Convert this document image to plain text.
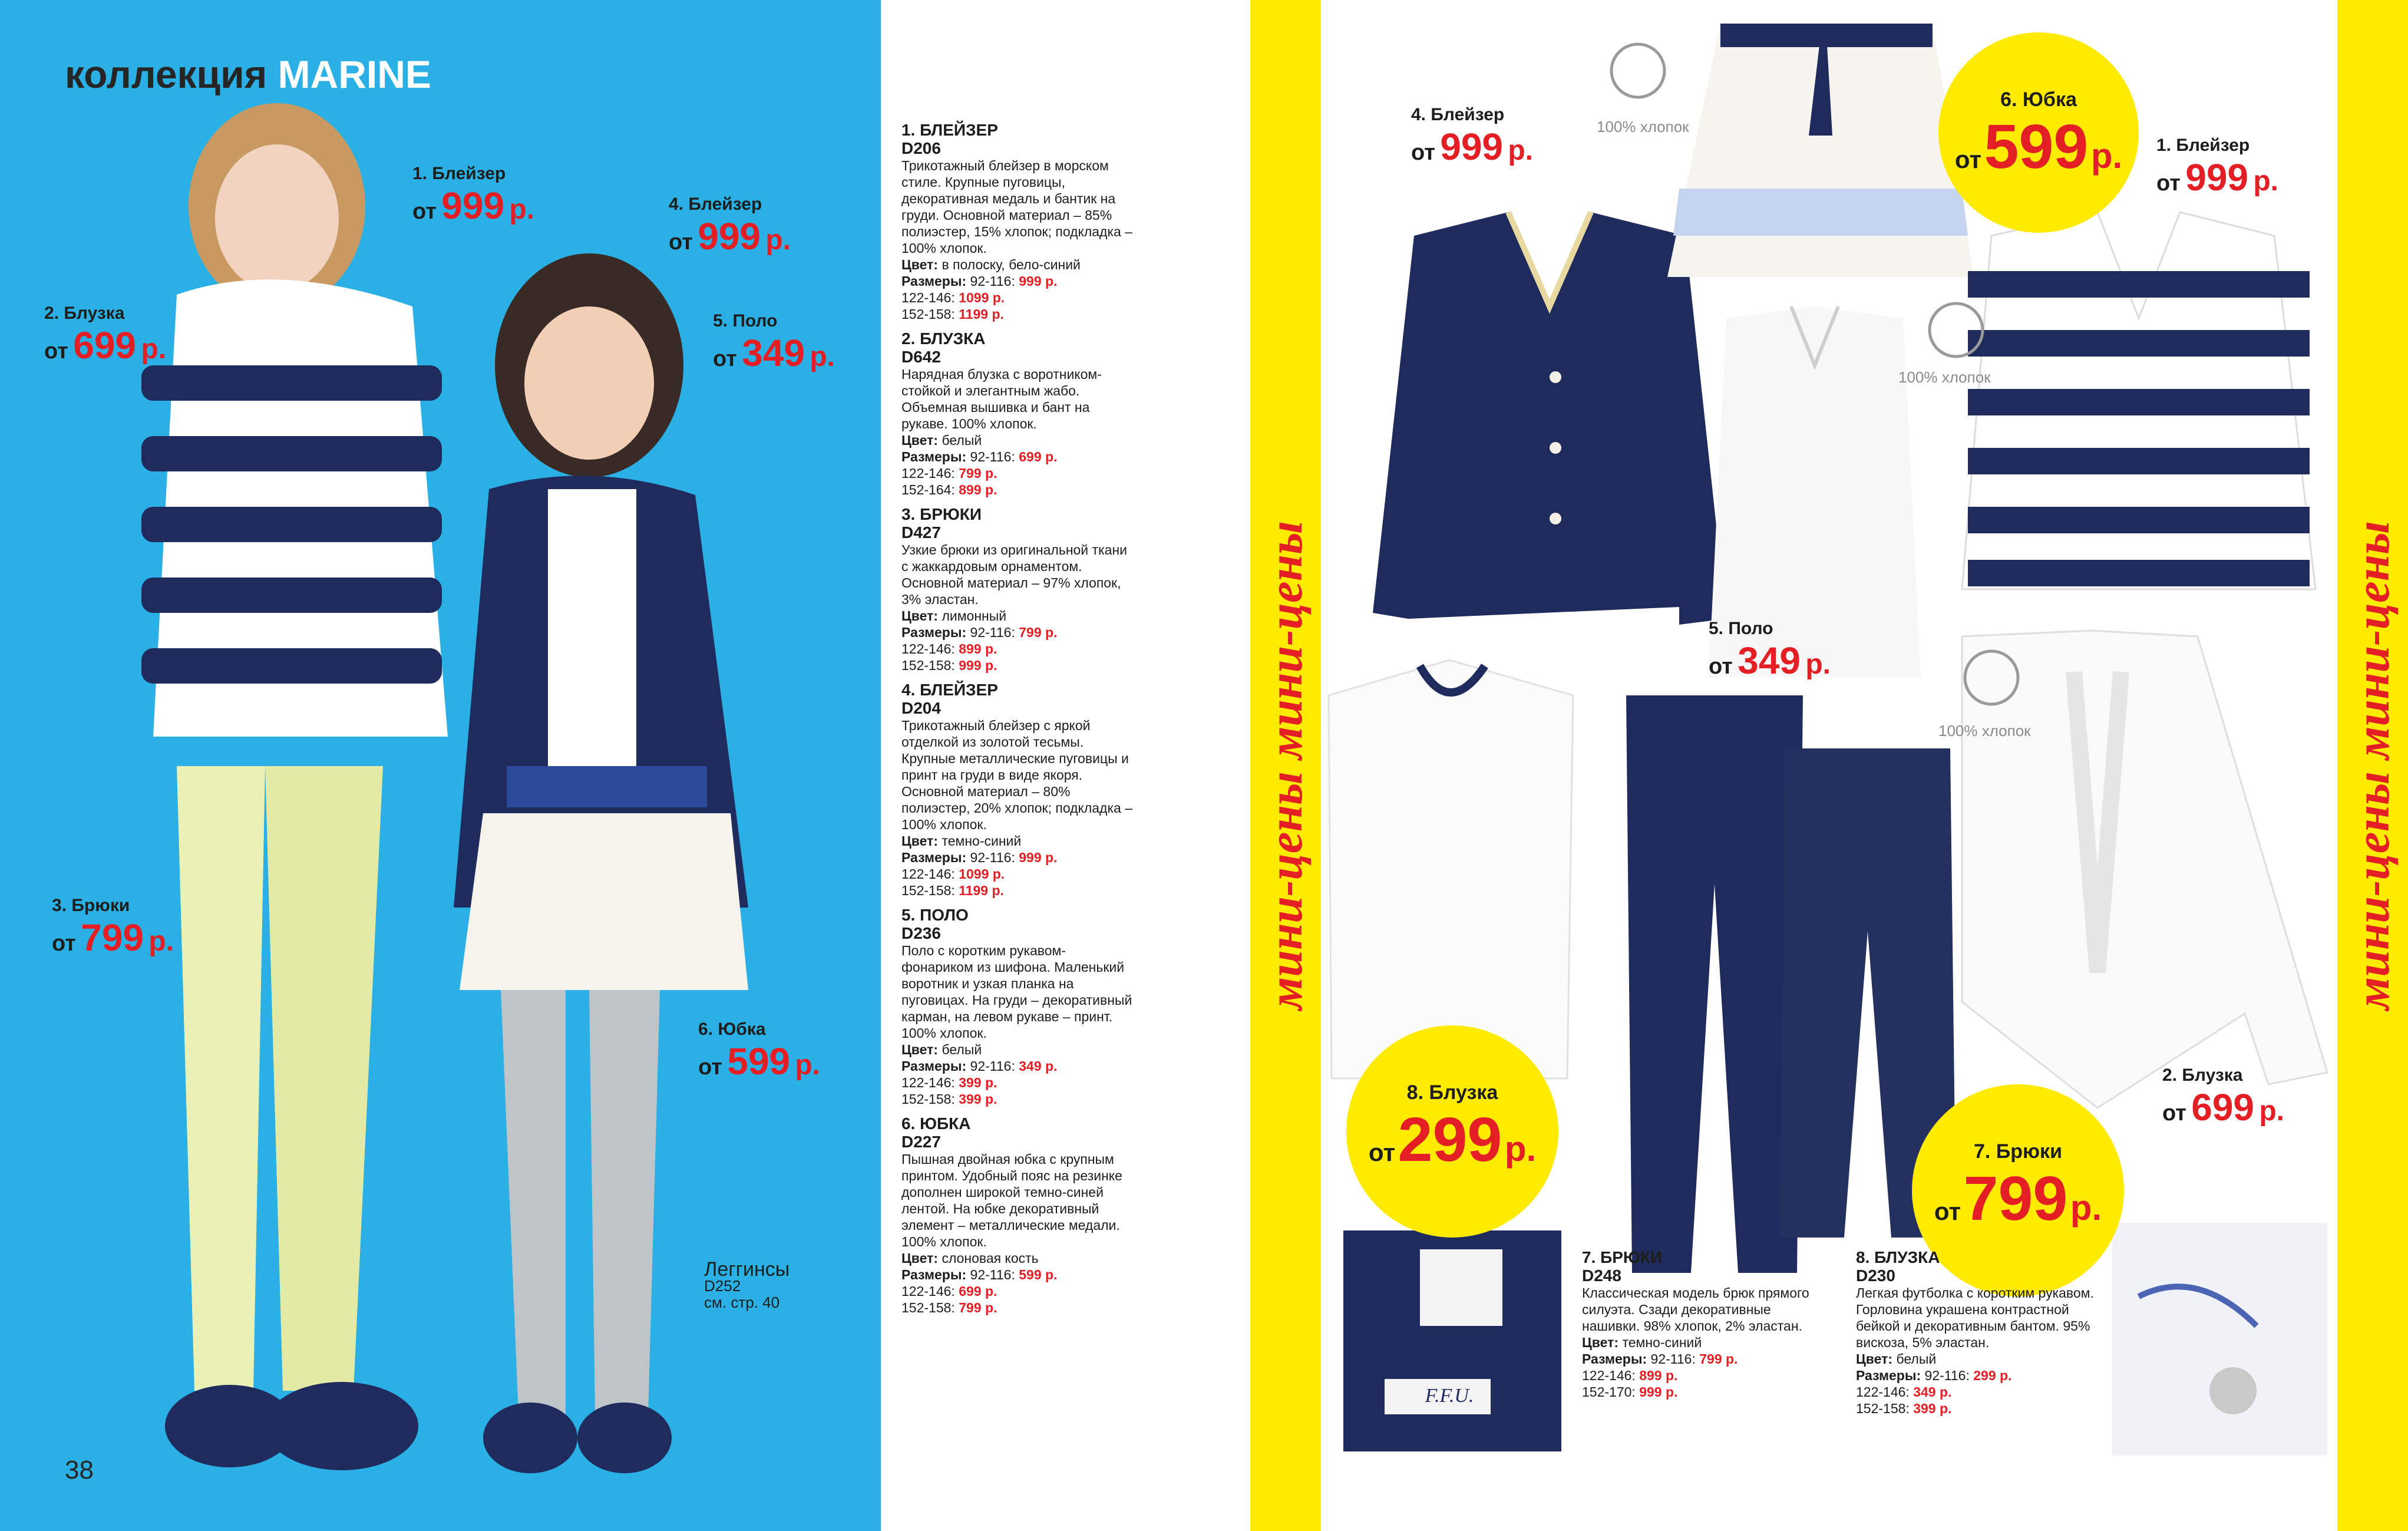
коллекция MARINE
1. Блейзер
от 999 р.	4. Блейзер
от 999 р.
2. Блузка
от 699 р.
5. Поло
от 349 р.
3. Брюки
от 799 р.
6. Юбка
от 599 р.
Леггинсы
D252
см. стр. 40
38
1. БЛЕЙЗЕР
D206
Трикотажный блейзер в морском стиле. Крупные пуговицы, декоративная медаль и бантик на груди. Основной материал – 85% полиэстер, 15% хлопок; подкладка – 100% хлопок.
Цвет: в полоску, бело-синий
Размеры: 92-116: 999 р.
122-146: 1099 р.
152-158: 1199 р.
2. БЛУЗКА
D642
Нарядная блузка с воротником-стойкой и элегантным жабо. Объемная вышивка и бант на рукаве. 100% хлопок.
Цвет: белый
Размеры: 92-116: 699 р.
122-146: 799 р.
152-164: 899 р.
3. БРЮКИ
D427
Узкие брюки из оригинальной ткани с жаккардовым орнаментом. Основной материал – 97% хлопок, 3% эластан.
Цвет: лимонный
Размеры: 92-116: 799 р.
122-146: 899 р.
152-158: 999 р.
4. БЛЕЙЗЕР
D204
Трикотажный блейзер с яркой отделкой из золотой тесьмы. Крупные металлические пуговицы и принт на груди в виде якоря. Основной материал – 80% полиэстер, 20% хлопок; подкладка – 100% хлопок.
Цвет: темно-синий
Размеры: 92-116: 999 р.
122-146: 1099 р.
152-158: 1199 р.
5. ПОЛО
D236
Поло с коротким рукавом-фонариком из шифона. Маленький воротник и узкая планка на пуговицах. На груди – декоративный карман, на левом рукаве – принт. 100% хлопок.
Цвет: белый
Размеры: 92-116: 349 р.
122-146: 399 р.
152-158: 399 р.
6. ЮБКА
D227
Пышная двойная юбка с крупным принтом. Удобный пояс на резинке дополнен широкой темно-синей лентой. На юбке декоративный элемент – металлические медали. 100% хлопок.
Цвет: слоновая кость
Размеры: 92-116: 599 р.
122-146: 699 р.
152-158: 799 р.
мини-цены мини-цены	мини-цены мини-цены
100% хлопок
100% хлопок
100% хлопок
4. Блейзер
от 999 р.	1. Блейзер
от 999 р.
5. Поло
от 349 р.
2. Блузка
от 699 р.
6. Юбка
от 599 р.
8. Блузка
от 299 р.	7. Брюки
от 799 р.
F.F.U.
7. БРЮКИ
D248
Классическая модель брюк прямого силуэта. Сзади декоративные нашивки. 98% хлопок, 2% эластан.
Цвет: темно-синий
Размеры: 92-116: 799 р.
122-146: 899 р.
152-170: 999 р.
8. БЛУЗКА
D230
Легкая футболка с коротким рукавом. Горловина украшена контрастной бейкой и декоративным бантом. 95% вискоза, 5% эластан.
Цвет: белый
Размеры: 92-116: 299 р.
122-146: 349 р.
152-158: 399 р.
